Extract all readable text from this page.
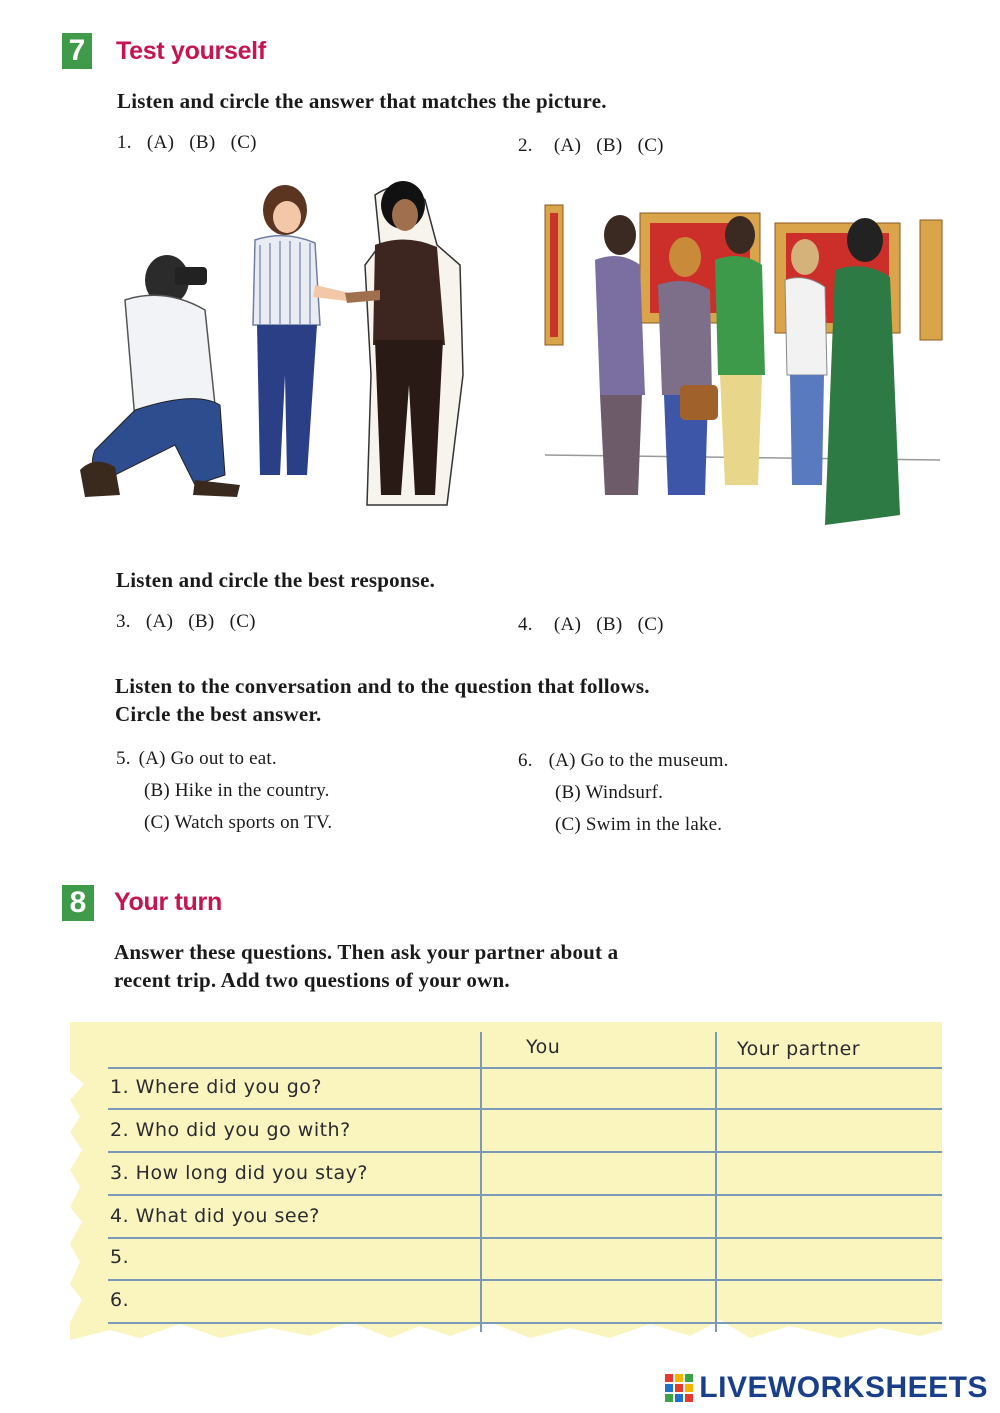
7 Test yourself
Listen and circle the answer that matches the picture.
1. (A) (B) (C)	2. (A) (B) (C)
Listen and circle the best response.
3. (A) (B) (C)	4. (A) (B) (C)
Listen to the conversation and to the question that follows.
Circle the best answer.
5. (A) Go out to eat.
(B) Hike in the country.
(C) Watch sports on TV.
6. (A) Go to the museum.
(B) Windsurf.
(C) Swim in the lake.
8	Your turn
Answer these questions. Then ask your partner about a
recent trip. Add two questions of your own.
You	Your partner
1. Where did you go?
2. Who did you go with?
3. How long did you stay?
4. What did you see?
5.
6.
LIVEWORKSHEETS
